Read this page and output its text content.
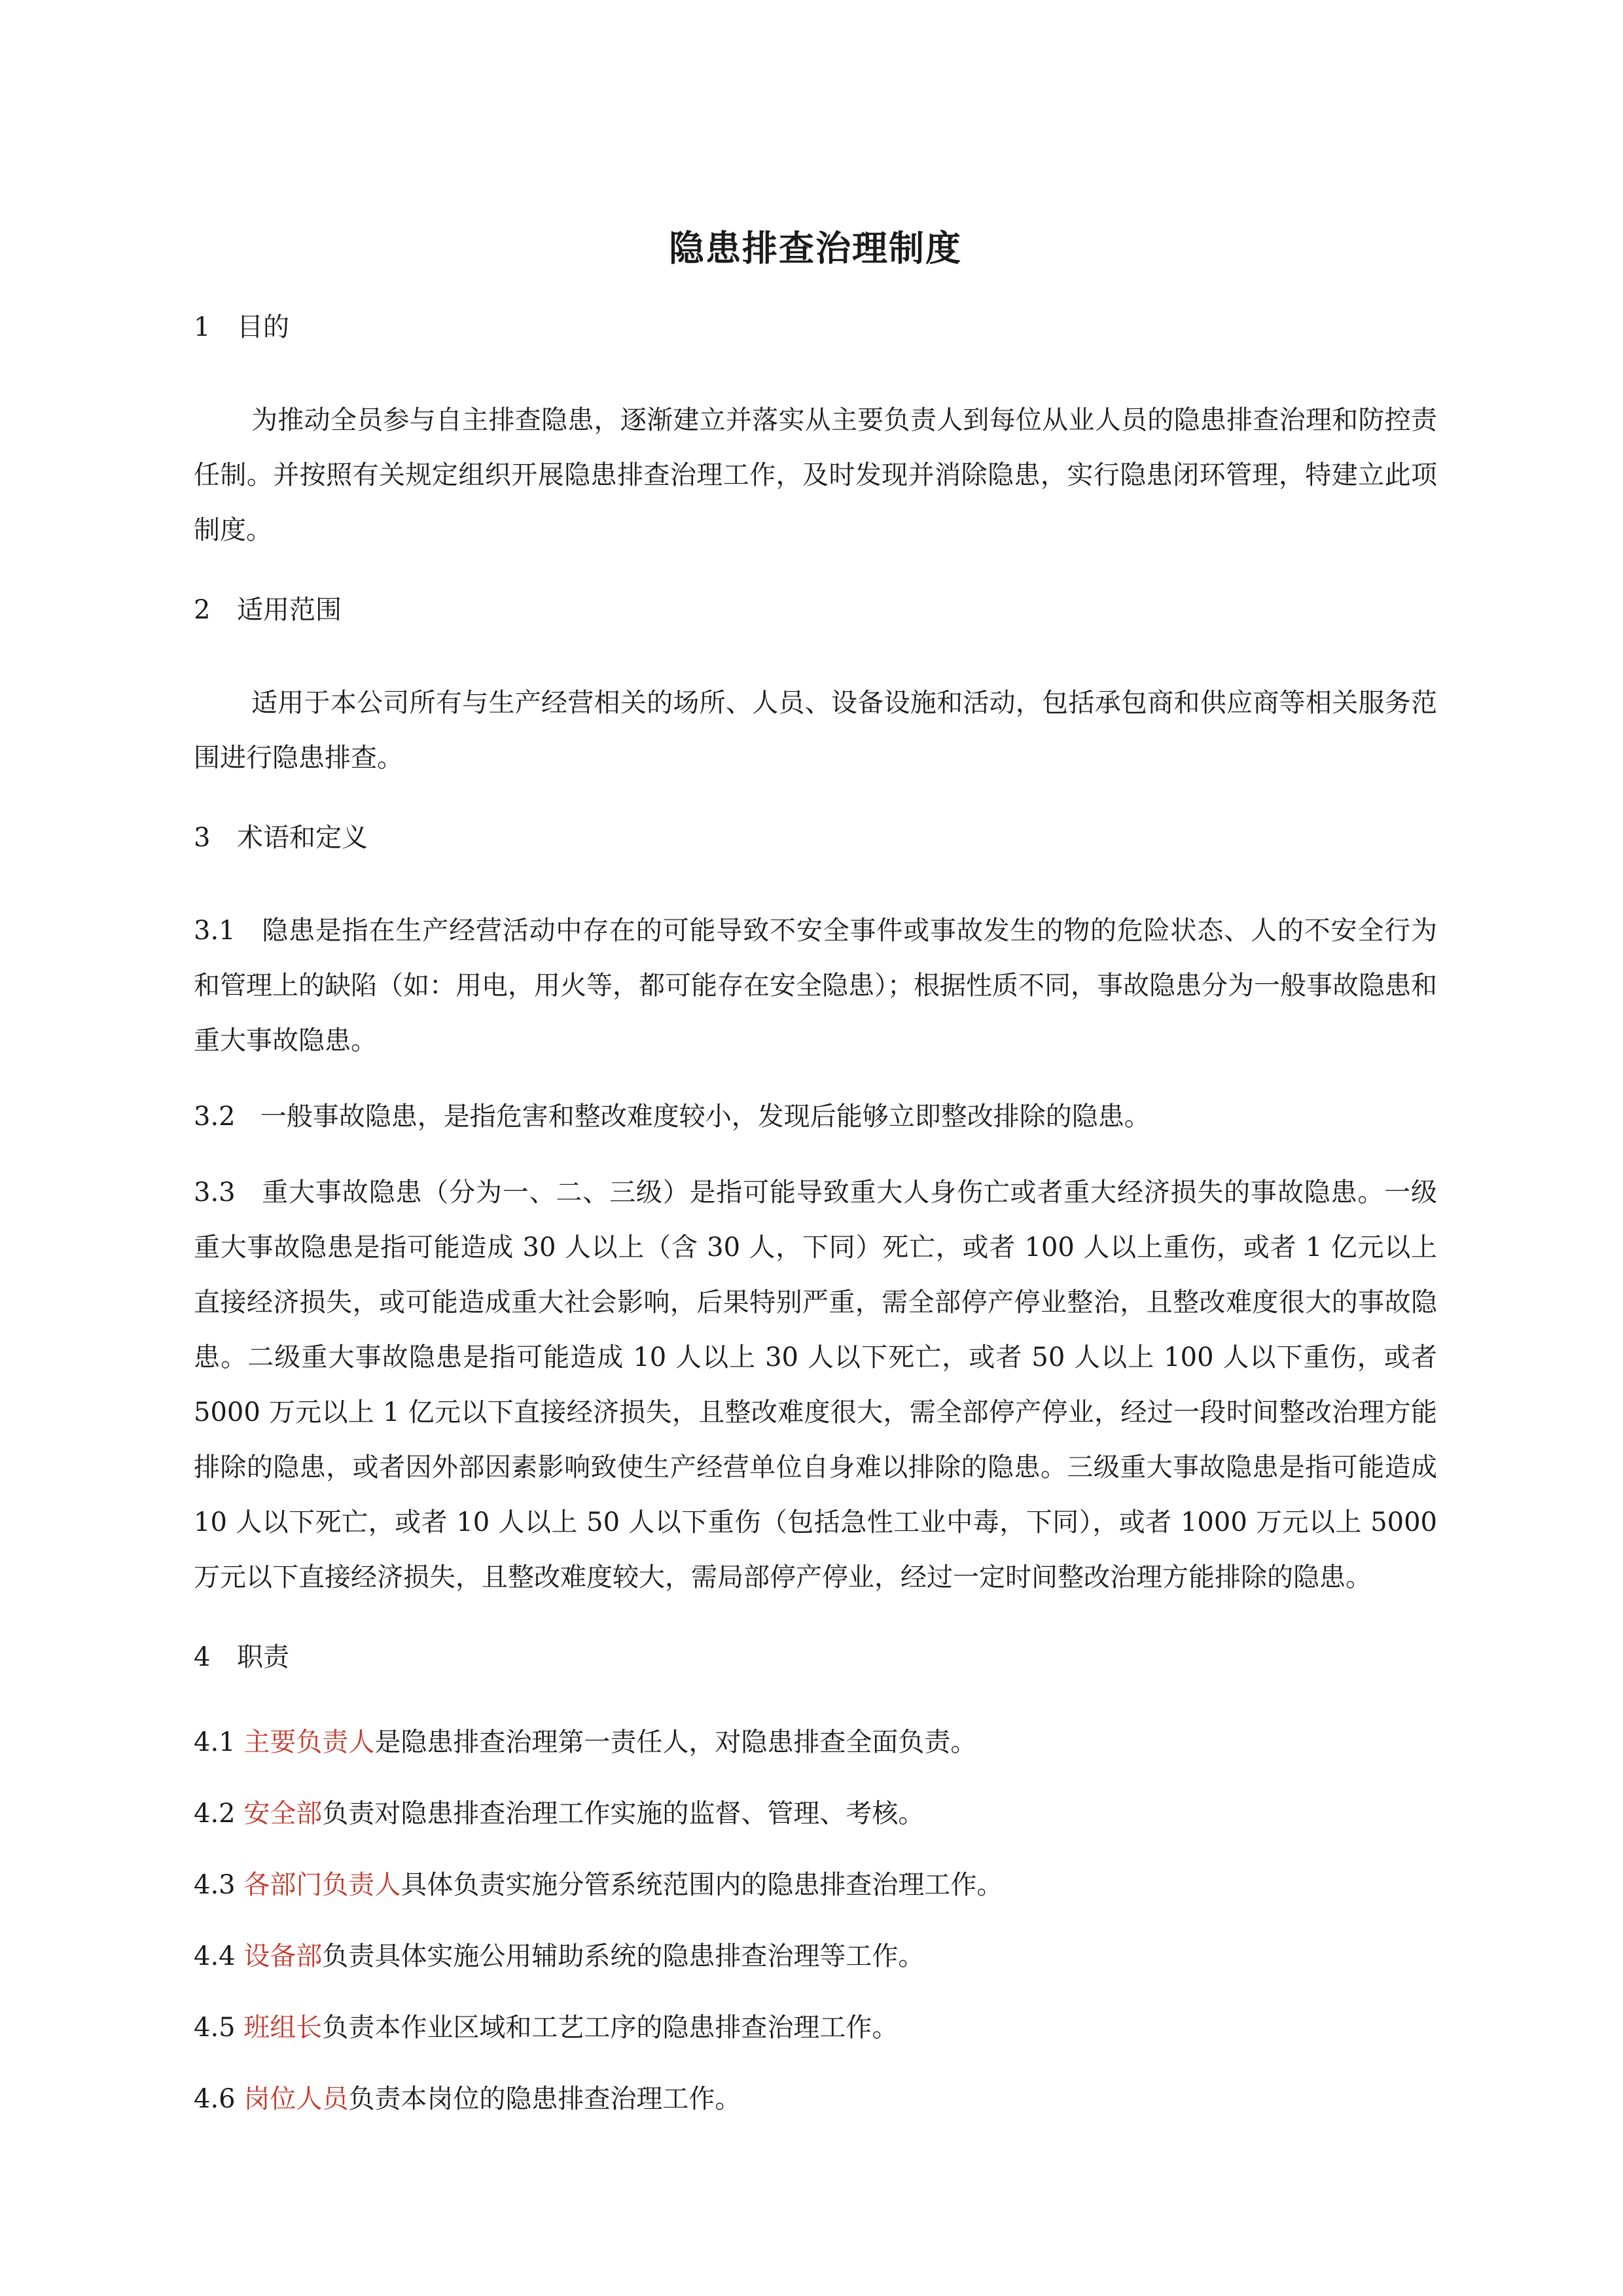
隐患排查治理制度
1 目的

为推动全员参与自主排查隐患，逐渐建立并落实从主要负责人到每位从业人员的隐患排查治理和防控责任制。并按照有关规定组织开展隐患排查治理工作，及时发现并消除隐患，实行隐患闭环管理，特建立此项制度。

2 适用范围

适用于本公司所有与生产经营相关的场所、人员、设备设施和活动，包括承包商和供应商等相关服务范围进行隐患排查。

3 术语和定义

3.1 隐患是指在生产经营活动中存在的可能导致不安全事件或事故发生的物的危险状态、人的不安全行为和管理上的缺陷（如：用电，用火等，都可能存在安全隐患）；根据性质不同，事故隐患分为一般事故隐患和重大事故隐患。

3.2 一般事故隐患，是指危害和整改难度较小，发现后能够立即整改排除的隐患。

3.3 重大事故隐患（分为一、二、三级）是指可能导致重大人身伤亡或者重大经济损失的事故隐患。一级重大事故隐患是指可能造成 30 人以上（含 30 人，下同）死亡，或者 100 人以上重伤，或者 1 亿元以上直接经济损失，或可能造成重大社会影响，后果特别严重，需全部停产停业整治，且整改难度很大的事故隐患。二级重大事故隐患是指可能造成 10 人以上 30 人以下死亡，或者 50 人以上 100 人以下重伤，或者 5000 万元以上 1 亿元以下直接经济损失，且整改难度很大，需全部停产停业，经过一段时间整改治理方能排除的隐患，或者因外部因素影响致使生产经营单位自身难以排除的隐患。三级重大事故隐患是指可能造成 10 人以下死亡，或者 10 人以上 50 人以下重伤（包括急性工业中毒，下同），或者 1000 万元以上 5000 万元以下直接经济损失，且整改难度较大，需局部停产停业，经过一定时间整改治理方能排除的隐患。

4 职责
4.1 主要负责人是隐患排查治理第一责任人，对隐患排查全面负责。
4.2 安全部负责对隐患排查治理工作实施的监督、管理、考核。
4.3 各部门负责人具体负责实施分管系统范围内的隐患排查治理工作。
4.4 设备部负责具体实施公用辅助系统的隐患排查治理等工作。
4.5 班组长负责本作业区域和工艺工序的隐患排查治理工作。
4.6 岗位人员负责本岗位的隐患排查治理工作。
